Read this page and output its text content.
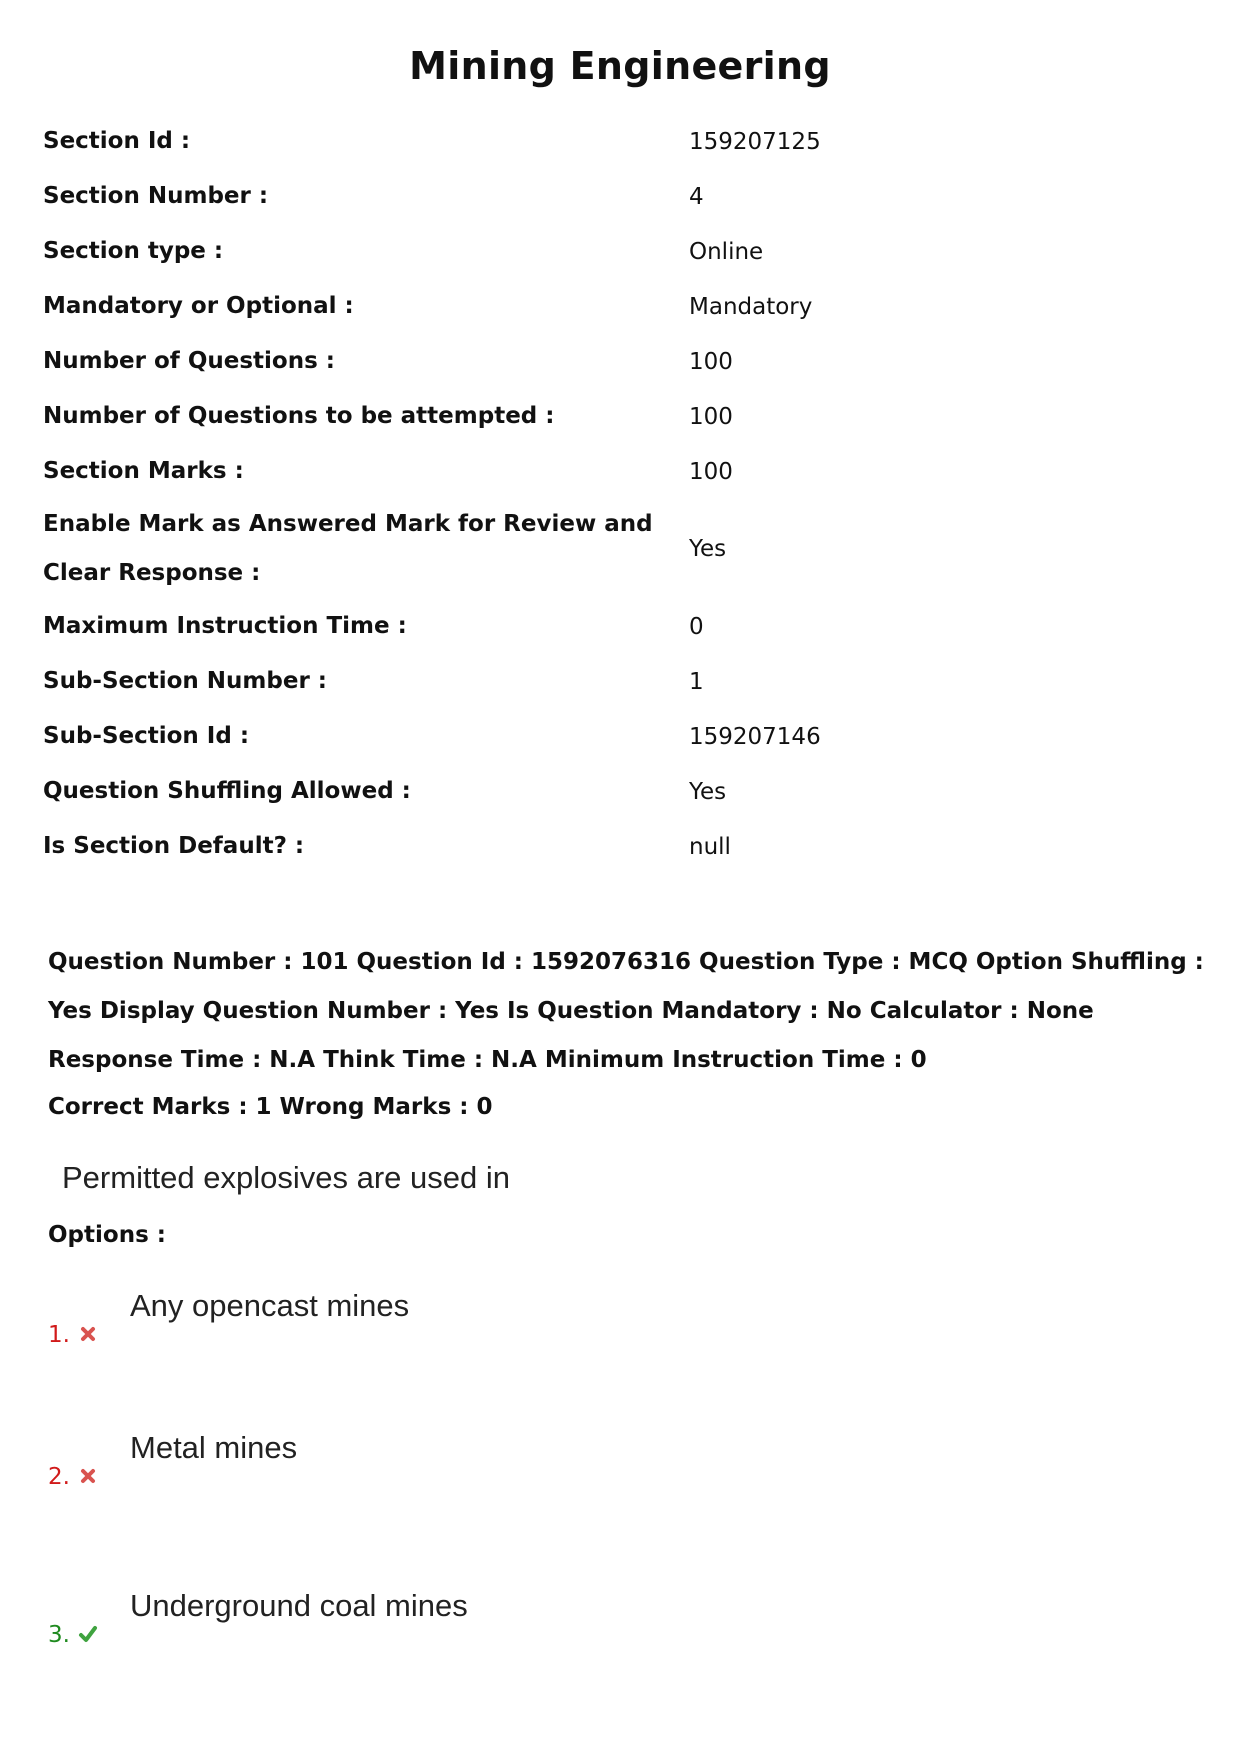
Mining Engineering
Section Id :	159207125
Section Number :	4
Section type :	Online
Mandatory or Optional :	Mandatory
Number of Questions :	100
Number of Questions to be attempted :	100
Section Marks :	100
Enable Mark as Answered Mark for Review and Clear Response :	Yes
Maximum Instruction Time :	0
Sub-Section Number :	1
Sub-Section Id :	159207146
Question Shuffling Allowed :	Yes
Is Section Default? :	null
Question Number : 101 Question Id : 1592076316 Question Type : MCQ Option Shuffling : Yes Display Question Number : Yes Is Question Mandatory : No Calculator : None Response Time : N.A Think Time : N.A Minimum Instruction Time : 0
Correct Marks : 1 Wrong Marks : 0
Permitted explosives are used in
Options :
1.
Any opencast mines
2.
Metal mines
3.
Underground coal mines
